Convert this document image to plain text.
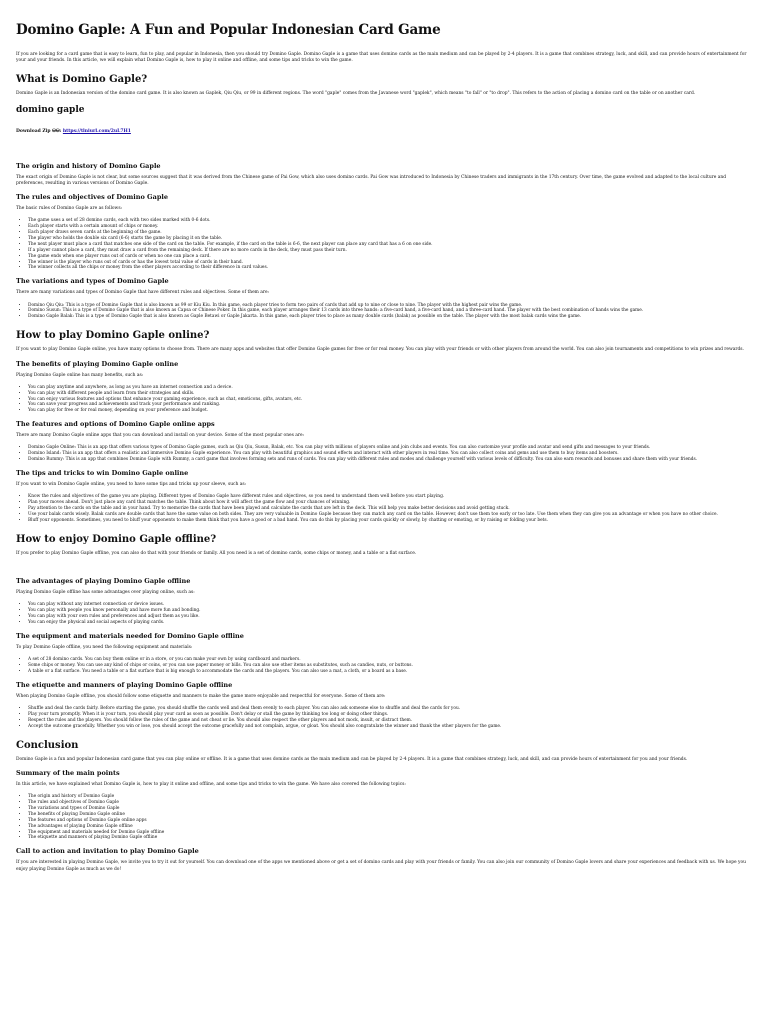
Domino Gaple: A Fun and Popular Indonesian Card Game

If you are looking for a card game that is easy to learn, fun to play, and popular in Indonesia, then you should try Domino Gaple. Domino Gaple is a game that uses domino cards as the main medium and can be played by 2-4 players. It is a game that combines strategy, luck, and skill, and can provide hours of entertainment for your and your friends. In this article, we will explain what Domino Gaple is, how to play it online and offline, and some tips and tricks to win the game.

What is Domino Gaple?

Domino Gaple is an Indonesian version of the domino card game. It is also known as Gaplek, Qiu Qiu, or 99 in different regions. The word "gaple" comes from the Javanese word "gaplek", which means "to fall" or "to drop". This refers to the action of placing a domino card on the table or on another card.

domino gaple
Download Zip ⛁⛁: https://tlniurl.com/2uL7H1
The origin and history of Domino Gaple

The exact origin of Domino Gaple is not clear, but some sources suggest that it was derived from the Chinese game of Pai Gow, which also uses domino cards. Pai Gow was introduced to Indonesia by Chinese traders and immigrants in the 17th century. Over time, the game evolved and adapted to the local culture and preferences, resulting in various versions of Domino Gaple.

The rules and objectives of Domino Gaple

The basic rules of Domino Gaple are as follows:

• The game uses a set of 28 domino cards, each with two sides marked with 0-6 dots.
• Each player starts with a certain amount of chips or money.
• Each player draws seven cards at the beginning of the game.
• The player who holds the double six card (6-6) starts the game by placing it on the table.
• The next player must place a card that matches one side of the card on the table. For example, if the card on the table is 6-6, the next player can place any card that has a 6 on one side.
• If a player cannot place a card, they must draw a card from the remaining deck. If there are no more cards in the deck, they must pass their turn.
• The game ends when one player runs out of cards or when no one can place a card.
• The winner is the player who runs out of cards or has the lowest total value of cards in their hand.
• The winner collects all the chips or money from the other players according to their difference in card values.
The variations and types of Domino Gaple

There are many variations and types of Domino Gaple that have different rules and objectives. Some of them are:

• Domino Qiu Qiu: This is a type of Domino Gaple that is also known as 99 or Kiu Kiu. In this game, each player tries to form two pairs of cards that add up to nine or close to nine. The player with the highest pair wins the game.
• Domino Susun: This is a type of Domino Gaple that is also known as Capsa or Chinese Poker. In this game, each player arranges their 13 cards into three hands: a five-card hand, a five-card hand, and a three-card hand. The player with the best combination of hands wins the game.
• Domino Gaple Balak: This is a type of Domino Gaple that is also known as Gaple Betawi or Gaple Jakarta. In this game, each player tries to place as many double cards (balak) as possible on the table. The player with the most balak cards wins the game.
How to play Domino Gaple online?

If you want to play Domino Gaple online, you have many options to choose from. There are many apps and websites that offer Domino Gaple games for free or for real money. You can play with your friends or with other players from around the world. You can also join tournaments and competitions to win prizes and rewards.

The benefits of playing Domino Gaple online

Playing Domino Gaple online has many benefits, such as:

• You can play anytime and anywhere, as long as you have an internet connection and a device.
• You can play with different people and learn from their strategies and skills.
• You can enjoy various features and options that enhance your gaming experience, such as chat, emoticons, gifts, avatars, etc.
• You can save your progress and achievements and track your performance and ranking.
• You can play for free or for real money, depending on your preference and budget.
The features and options of Domino Gaple online apps

There are many Domino Gaple online apps that you can download and install on your device. Some of the most popular ones are:

• Domino Gaple Online: This is an app that offers various types of Domino Gaple games, such as Qiu Qiu, Susun, Balak, etc. You can play with millions of players online and join clubs and events. You can also customize your profile and avatar and send gifts and messages to your friends.
• Domino Island: This is an app that offers a realistic and immersive Domino Gaple experience. You can play with beautiful graphics and sound effects and interact with other players in real time. You can also collect coins and gems and use them to buy items and boosters.
• Domino Rummy: This is an app that combines Domino Gaple with Rummy, a card game that involves forming sets and runs of cards. You can play with different rules and modes and challenge yourself with various levels of difficulty. You can also earn rewards and bonuses and share them with your friends.
The tips and tricks to win Domino Gaple online

If you want to win Domino Gaple online, you need to have some tips and tricks up your sleeve, such as:

• Know the rules and objectives of the game you are playing. Different types of Domino Gaple have different rules and objectives, so you need to understand them well before you start playing.
• Plan your moves ahead. Don't just place any card that matches the table. Think about how it will affect the game flow and your chances of winning.
• Pay attention to the cards on the table and in your hand. Try to memorize the cards that have been played and calculate the cards that are left in the deck. This will help you make better decisions and avoid getting stuck.
• Use your balak cards wisely. Balak cards are double cards that have the same value on both sides. They are very valuable in Domino Gaple because they can match any card on the table. However, don't use them too early or too late. Use them when they can give you an advantage or when you have no other choice.
• Bluff your opponents. Sometimes, you need to bluff your opponents to make them think that you have a good or a bad hand. You can do this by placing your cards quickly or slowly, by chatting or emoting, or by raising or folding your bets.
How to enjoy Domino Gaple offline?

If you prefer to play Domino Gaple offline, you can also do that with your friends or family. All you need is a set of domino cards, some chips or money, and a table or a flat surface.

The advantages of playing Domino Gaple offline

Playing Domino Gaple offline has some advantages over playing online, such as:

• You can play without any internet connection or device issues.
• You can play with people you know personally and have more fun and bonding.
• You can play with your own rules and preferences and adjust them as you like.
• You can enjoy the physical and social aspects of playing cards.
The equipment and materials needed for Domino Gaple offline

To play Domino Gaple offline, you need the following equipment and materials:

• A set of 28 domino cards. You can buy them online or in a store, or you can make your own by using cardboard and markers.
• Some chips or money. You can use any kind of chips or coins, or you can use paper money or bills. You can also use other items as substitutes, such as candies, nuts, or buttons.
• A table or a flat surface. You need a table or a flat surface that is big enough to accommodate the cards and the players. You can also use a mat, a cloth, or a board as a base.
The etiquette and manners of playing Domino Gaple offline

When playing Domino Gaple offline, you should follow some etiquette and manners to make the game more enjoyable and respectful for everyone. Some of them are:

• Shuffle and deal the cards fairly. Before starting the game, you should shuffle the cards well and deal them evenly to each player. You can also ask someone else to shuffle and deal the cards for you.
• Play your turn promptly. When it is your turn, you should play your card as soon as possible. Don't delay or stall the game by thinking too long or doing other things.
• Respect the rules and the players. You should follow the rules of the game and not cheat or lie. You should also respect the other players and not mock, insult, or distract them.
• Accept the outcome gracefully. Whether you win or lose, you should accept the outcome gracefully and not complain, argue, or gloat. You should also congratulate the winner and thank the other players for the game.
Conclusion

Domino Gaple is a fun and popular Indonesian card game that you can play online or offline. It is a game that uses domino cards as the main medium and can be played by 2-4 players. It is a game that combines strategy, luck, and skill, and can provide hours of entertainment for you and your friends.

Summary of the main points

In this article, we have explained what Domino Gaple is, how to play it online and offline, and some tips and tricks to win the game. We have also covered the following topics:

• The origin and history of Domino Gaple
• The rules and objectives of Domino Gaple
• The variations and types of Domino Gaple
• The benefits of playing Domino Gaple online
• The features and options of Domino Gaple online apps
• The advantages of playing Domino Gaple offline
• The equipment and materials needed for Domino Gaple offline
• The etiquette and manners of playing Domino Gaple offline
Call to action and invitation to play Domino Gaple

If you are interested in playing Domino Gaple, we invite you to try it out for yourself. You can download one of the apps we mentioned above or get a set of domino cards and play with your friends or family. You can also join our community of Domino Gaple lovers and share your experiences and feedback with us. We hope you enjoy playing Domino Gaple as much as we do!
